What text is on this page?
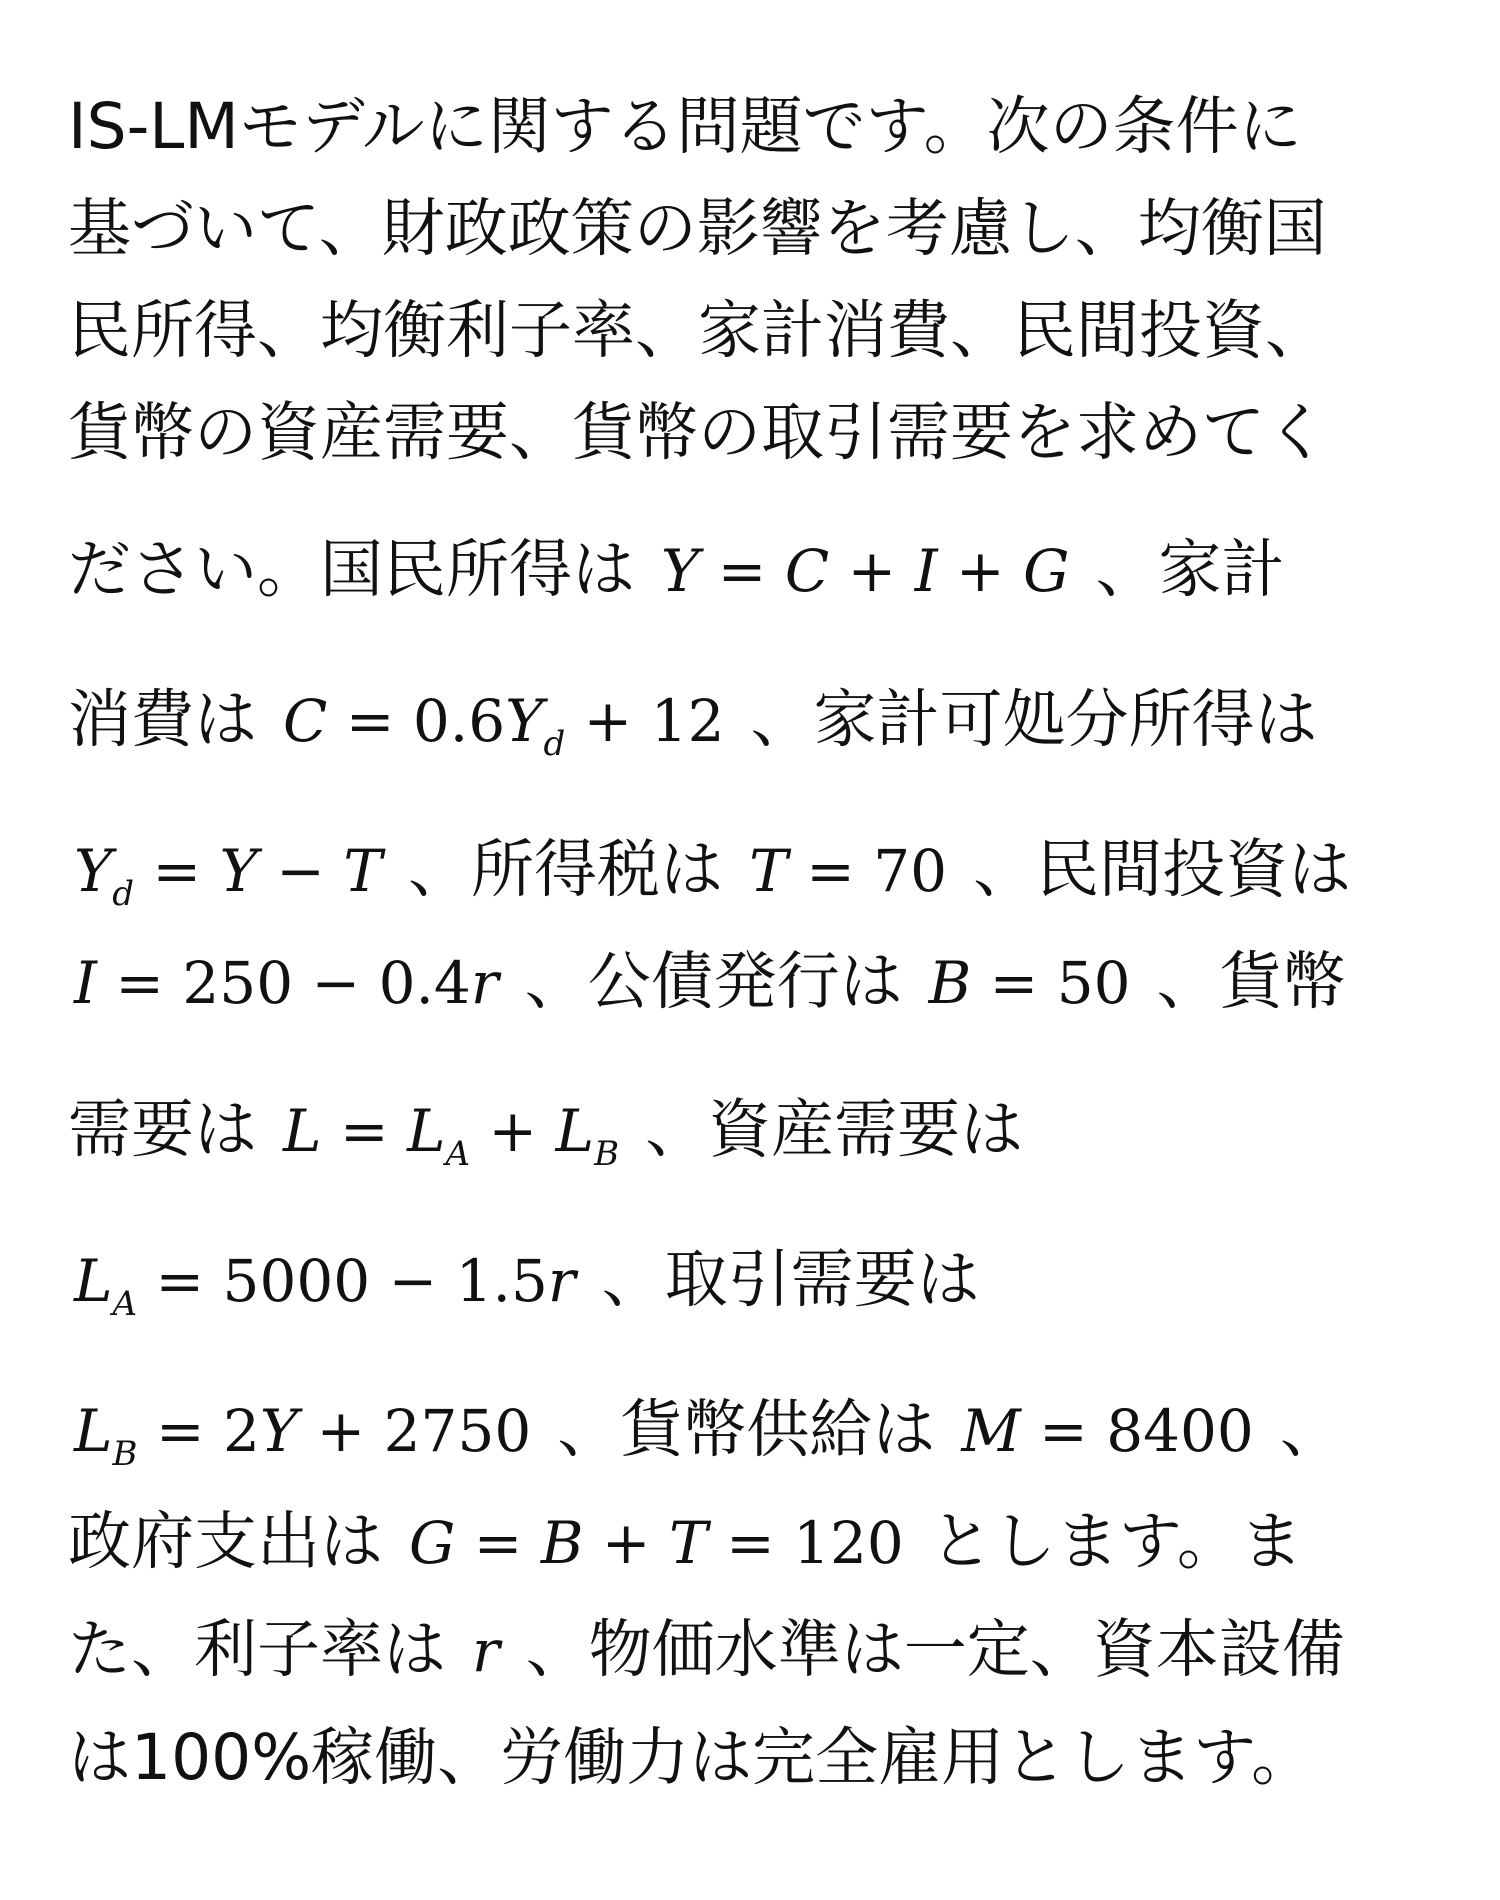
IS-LMモデルに関する問題です。次の条件に
基づいて、財政政策の影響を考慮し、均衡国
民所得、均衡利子率、家計消費、民間投資、
貨幣の資産需要、貨幣の取引需要を求めてく
ださい。国民所得は Y = C + I + G 、家計
消費は $C = 0.6Y_d + 12$ 、家計可処分所得は
$Y_d = Y - T$ 、所得税は T = 70 、民間投資は
I = 250 − 0.4r 、公債発行は B = 50 、貨幣
需要は $L = L_A + L_B$ 、資産需要は
$L_A = 5000 - 1.5r$ 、取引需要は
$L_B = 2Y + 2750$ 、貨幣供給は M = 8400 、
政府支出は G = B + T = 120 とします。ま
た、利子率は r 、物価水準は一定、資本設備
は100%稼働、労働力は完全雇用とします。
